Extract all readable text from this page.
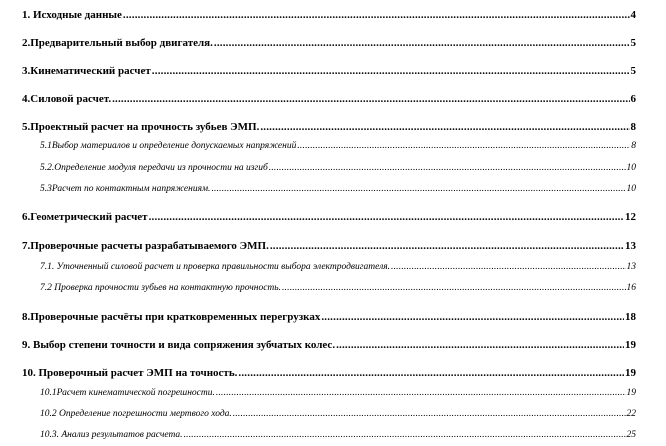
1. Исходные данные .....	4
2.Предварительный выбор двигателя. .....	5
3.Кинематический расчет .....	5
4.Силовой расчет. .....	6
5.Проектный расчет на прочность зубьев ЭМП. .....	8
5.1Выбор материалов и определение допускаемых напряжений .....	8
5.2.Определение модуля передачи из прочности на изгиб .....	10
5.3Расчет по контактным напряжениям. .....	10
6.Геометрический расчет .....	12
7.Проверочные расчеты разрабатываемого ЭМП. .....	13
7.1. Уточненный силовой расчет и проверка правильности выбора электродвигателя. .....	13
7.2 Проверка прочности зубьев на контактную прочность. .....	16
8.Проверочные расчёты при кратковременных перегрузках .....	18
9. Выбор степени точности и вида сопряжения зубчатых колес. .....	19
10. Проверочный расчет ЭМП на точность. .....	19
10.1Расчет кинематической погрешности. .....	19
10.2 Определение погрешности мертвого хода. .....	22
10.3. Анализ результатов расчета. .....	25
